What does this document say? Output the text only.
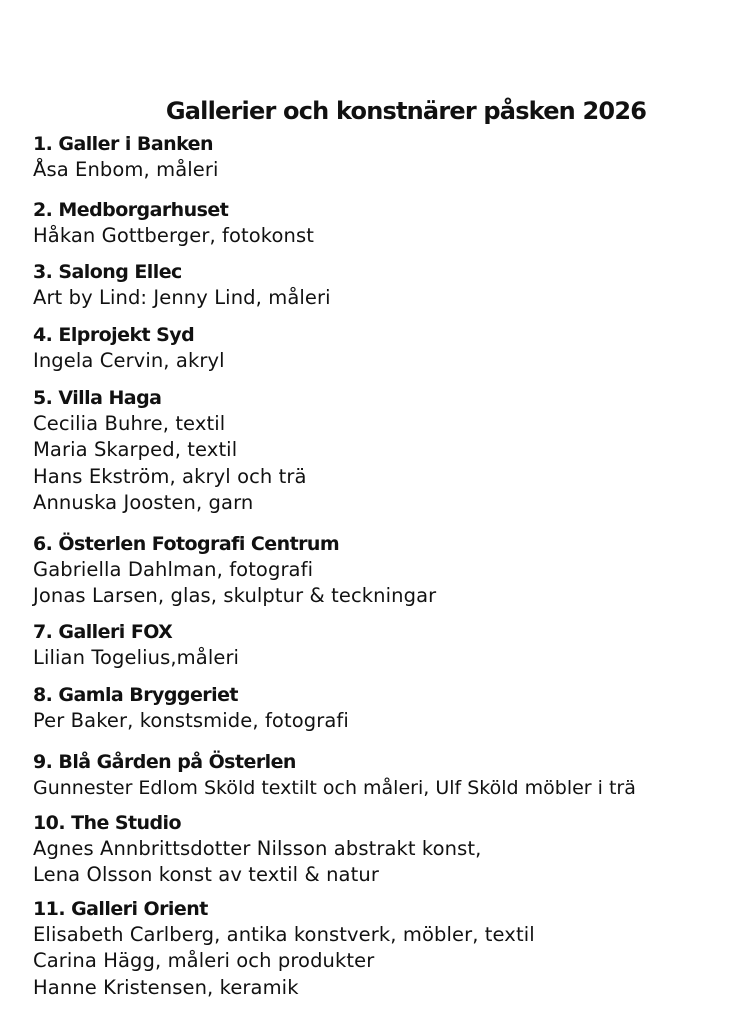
Gallerier och konstnärer påsken 2026
1. Galler i Banken
Åsa Enbom, måleri
2. Medborgarhuset
Håkan Gottberger, fotokonst
3. Salong Ellec
Art by Lind: Jenny Lind, måleri
4. Elprojekt Syd
Ingela Cervin, akryl
5. Villa Haga
Cecilia Buhre, textil
Maria Skarped, textil
Hans Ekström, akryl och trä
Annuska Joosten, garn
6. Österlen Fotografi Centrum
Gabriella Dahlman, fotografi
Jonas Larsen, glas, skulptur & teckningar
7. Galleri FOX
Lilian Togelius,måleri
8. Gamla Bryggeriet
Per Baker, konstsmide, fotografi
9. Blå Gården på Österlen
Gunnester Edlom Sköld textilt och måleri, Ulf Sköld möbler i trä
10. The Studio
Agnes Annbrittsdotter Nilsson abstrakt konst,
Lena Olsson konst av textil & natur
11. Galleri Orient
Elisabeth Carlberg, antika konstverk, möbler, textil
Carina Hägg, måleri och produkter
Hanne Kristensen, keramik
